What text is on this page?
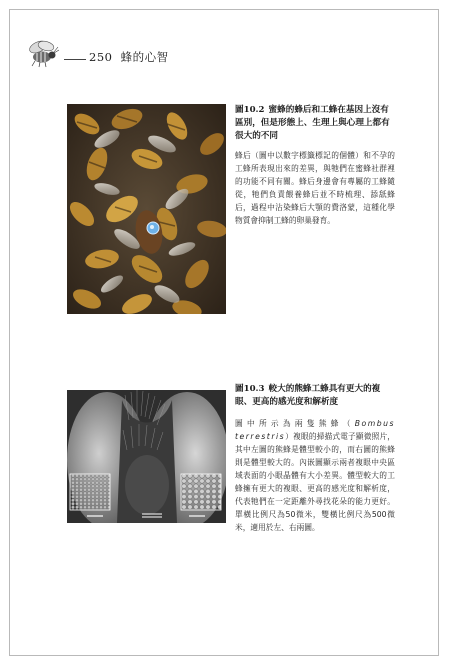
250 蜂的心智
圖10.2 蜜蜂的蜂后和工蜂在基因上沒有區別，但是形態上、生理上與心理上都有很大的不同
蜂后（圖中以數字標籤標記的個體）和不孕的工蜂所表現出來的差異，與牠們在蜜蜂社群裡的功能不同有關。蜂后身邊會有專屬的工蜂隨從，牠們負責餵養蜂后並不時梳理、舔舐蜂后，過程中沾染蜂后大顎的費洛蒙，這種化學物質會抑制工蜂的卵巢發育。
圖10.3 較大的熊蜂工蜂具有更大的複眼、更高的感光度和解析度
圖中所示為兩隻熊蜂（Bombus terrestris）複眼的掃描式電子顯微照片，其中左圖的熊蜂是體型較小的，而右圖的熊蜂則是體型較大的。內嵌圖顯示兩者複眼中央區域表面的小眼晶體有大小差異。體型較大的工蜂擁有更大的複眼、更高的感光度和解析度，代表牠們在一定距離外尋找花朵的能力更好。單橫比例尺為50微米，雙橫比例尺為500微米，適用於左、右兩圖。
